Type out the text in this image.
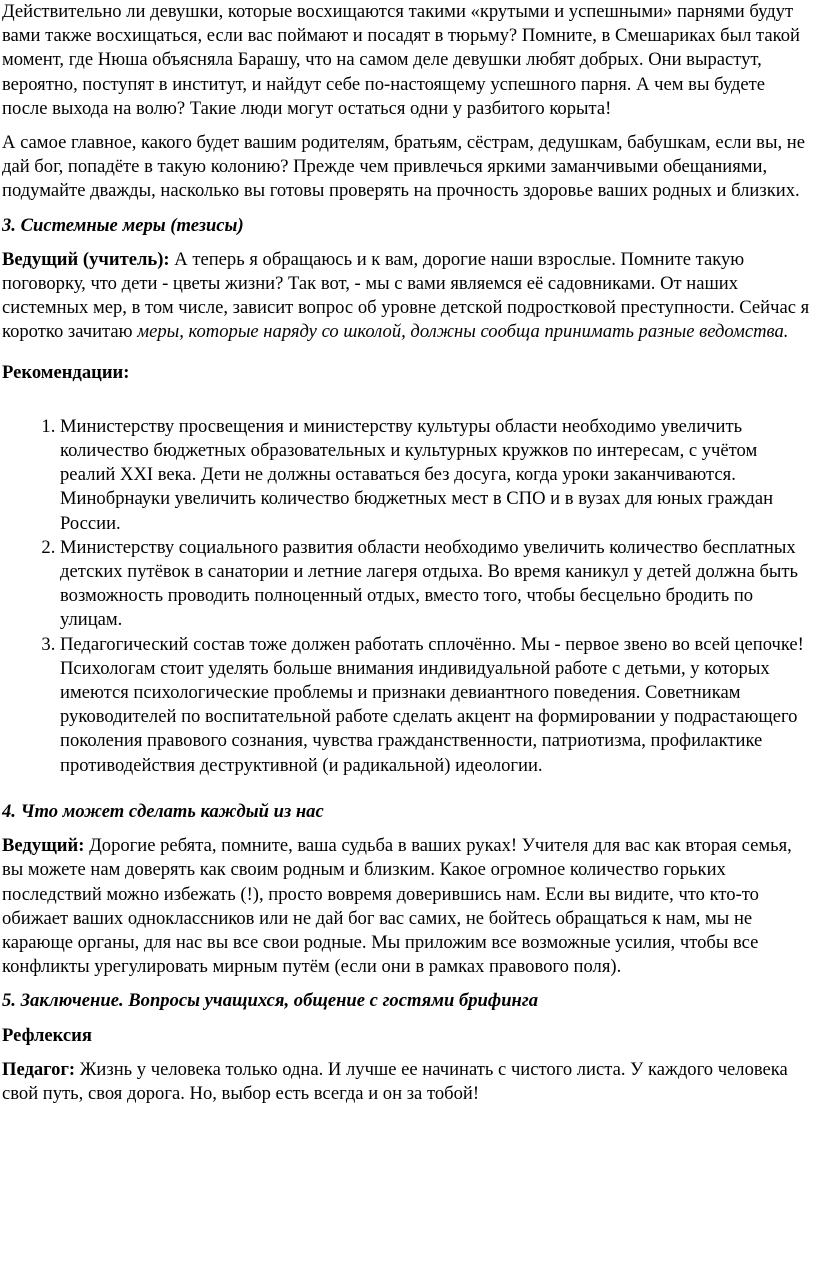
Действительно ли девушки, которые восхищаются такими «крутыми и успешными» парнями будут вами также восхищаться, если вас поймают и посадят в тюрьму? Помните, в Смешариках был такой момент, где Нюша объясняла Барашу, что на самом деле девушки любят добрых. Они вырастут, вероятно, поступят в институт, и найдут себе по-настоящему успешного парня. А чем вы будете после выхода на волю? Такие люди могут остаться одни у разбитого корыта!

А самое главное, какого будет вашим родителям, братьям, сёстрам, дедушкам, бабушкам, если вы, не дай бог, попадёте в такую колонию? Прежде чем привлечься яркими заманчивыми обещаниями, подумайте дважды, насколько вы готовы проверять на прочность здоровье ваших родных и близких.

3. Системные меры (тезисы)

Ведущий (учитель): А теперь я обращаюсь и к вам, дорогие наши взрослые. Помните такую поговорку, что дети - цветы жизни? Так вот, - мы с вами являемся её садовниками. От наших системных мер, в том числе, зависит вопрос об уровне детской подростковой преступности. Сейчас я коротко зачитаю меры, которые наряду со школой, должны сообща принимать разные ведомства.

Рекомендации:

1. Министерству просвещения и министерству культуры области необходимо увеличить количество бюджетных образовательных и культурных кружков по интересам, с учётом реалий XXI века. Дети не должны оставаться без досуга, когда уроки заканчиваются. Минобрнауки увеличить количество бюджетных мест в СПО и в вузах для юных граждан России.
2. Министерству социального развития области необходимо увеличить количество бесплатных детских путёвок в санатории и летние лагеря отдыха. Во время каникул у детей должна быть возможность проводить полноценный отдых, вместо того, чтобы бесцельно бродить по улицам.
3. Педагогический состав тоже должен работать сплочённо. Мы - первое звено во всей цепочке! Психологам стоит уделять больше внимания индивидуальной работе с детьми, у которых имеются психологические проблемы и признаки девиантного поведения. Советникам руководителей по воспитательной работе сделать акцент на формировании у подрастающего поколения правового сознания, чувства гражданственности, патриотизма, профилактике противодействия деструктивной (и радикальной) идеологии.

4. Что может сделать каждый из нас

Ведущий: Дорогие ребята, помните, ваша судьба в ваших руках! Учителя для вас как вторая семья, вы можете нам доверять как своим родным и близким. Какое огромное количество горьких последствий можно избежать (!), просто вовремя доверившись нам. Если вы видите, что кто-то обижает ваших одноклассников или не дай бог вас самих, не бойтесь обращаться к нам, мы не карающе органы, для нас вы все свои родные. Мы приложим все возможные усилия, чтобы все конфликты урегулировать мирным путём (если они в рамках правового поля).

5. Заключение. Вопросы учащихся, общение с гостями брифинга

Рефлексия

Педагог: Жизнь у человека только одна. И лучше ее начинать с чистого листа. У каждого человека свой путь, своя дорога. Но, выбор есть всегда и он за тобой!
